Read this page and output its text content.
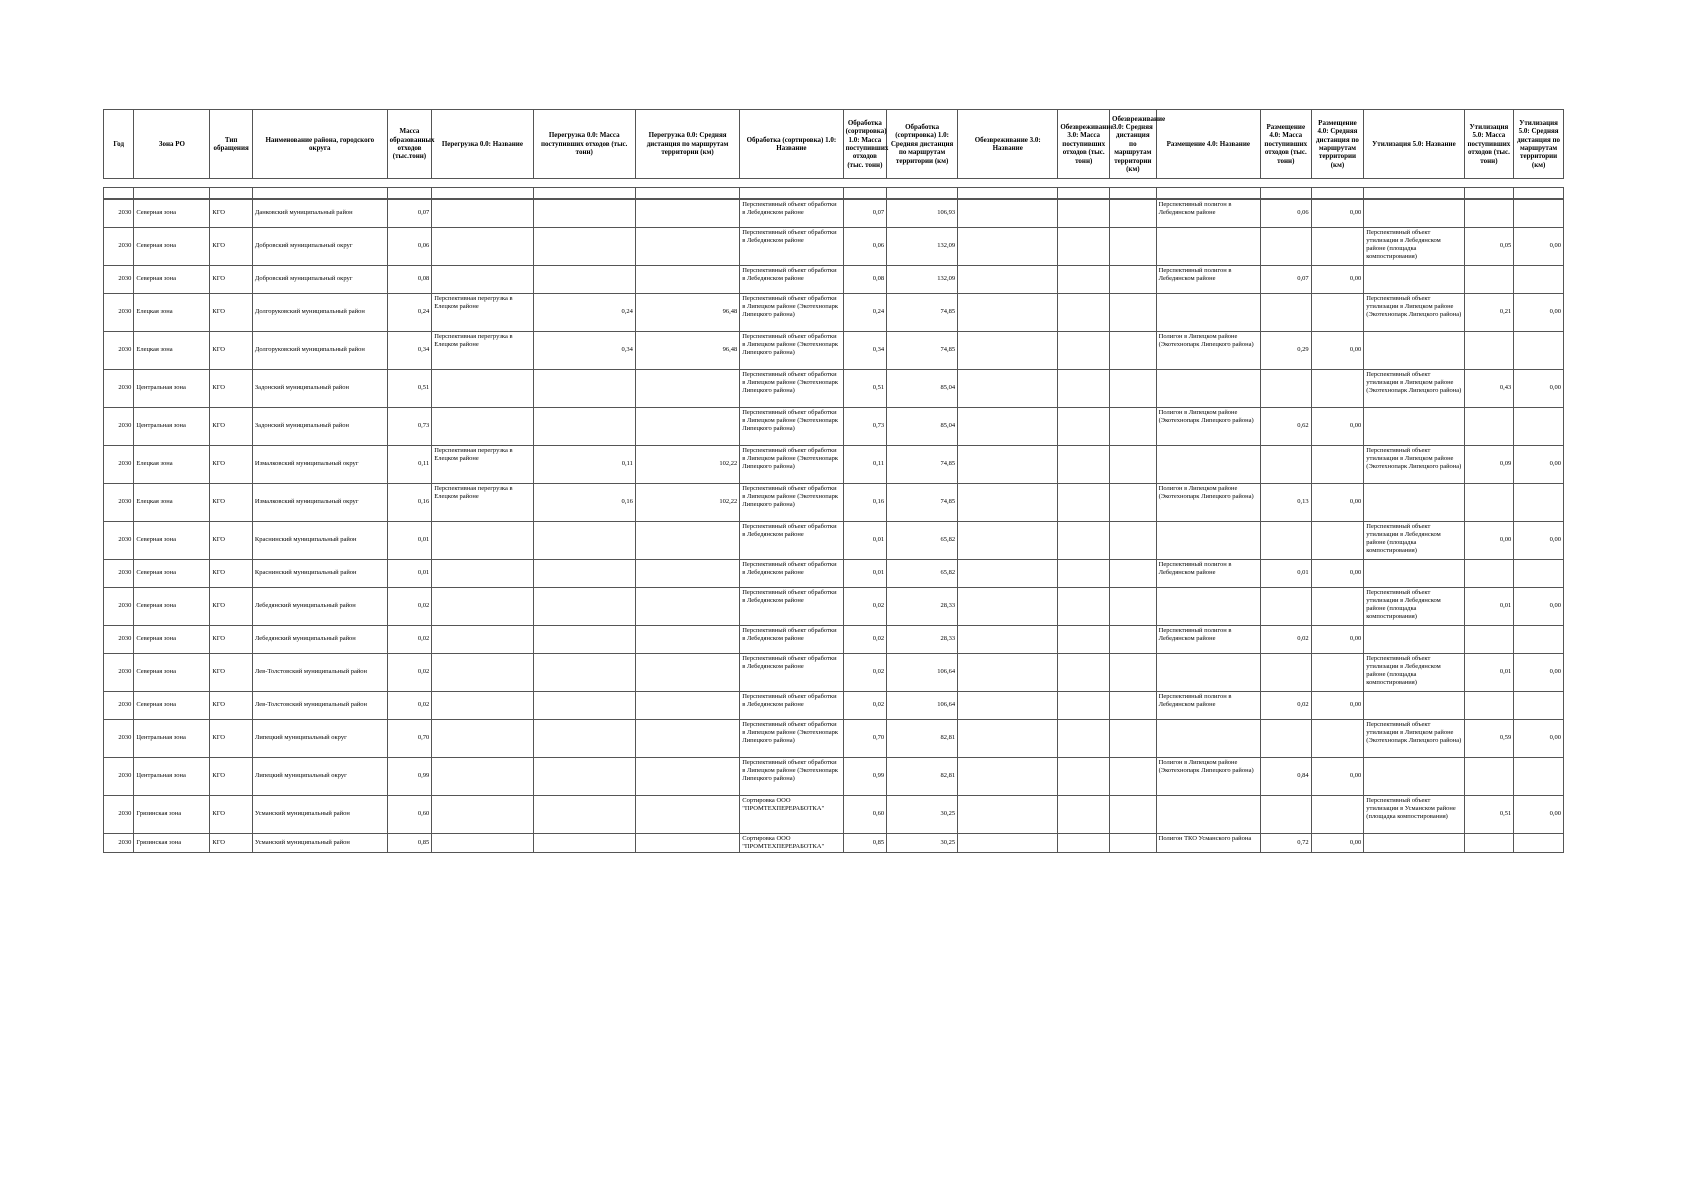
Год	Зона РО	Тип обращения	Наименование района, городского округа	Масса образованных отходов (тыс.тонн)	Перегрузка 0.0: Название	Перегрузка 0.0: Масса поступивших отходов (тыс. тонн)	Перегрузка 0.0: Средняя дистанция по маршрутам территории (км)	Обработка (сортировка) 1.0: Название	Обработка (сортировка) 1.0: Масса поступивших отходов (тыс. тонн)	Обработка (сортировка) 1.0: Средняя дистанция по маршрутам территории (км)	Обезвреживание 3.0: Название	Обезвреживание 3.0: Масса поступивших отходов (тыс. тонн)	Обезвреживание 3.0: Средняя дистанция по маршрутам территории (км)	Размещение 4.0: Название	Размещение 4.0: Масса поступивших отходов (тыс. тонн)	Размещение 4.0: Средняя дистанция по маршрутам территории (км)	Утилизация 5.0: Название	Утилизация 5.0: Масса поступивших отходов (тыс. тонн)	Утилизация 5.0: Средняя дистанция по маршрутам территории (км)

2030	Северная зона	КГО	Данковский муниципальный район	0,07				Перспективный объект обработки в Лебедянском районе	0,07	106,93				Перспективный полигон в Лебедянском районе	0,06	0,00			
2030	Северная зона	КГО	Добровский муниципальный округ	0,06				Перспективный объект обработки в Лебедянском районе	0,06	132,09							Перспективный объект утилизации в Лебедянском районе (площадка компостирования)	0,05	0,00
2030	Северная зона	КГО	Добровский муниципальный округ	0,08				Перспективный объект обработки в Лебедянском районе	0,08	132,09				Перспективный полигон в Лебедянском районе	0,07	0,00			
2030	Елецкая зона	КГО	Долгоруковский муниципальный район	0,24	Перспективная перегрузка в Елецком районе	0,24	96,48	Перспективный объект обработки в Липецком районе (Экотехнопарк Липецкого района)	0,24	74,85							Перспективный объект утилизации в Липецком районе (Экотехнопарк Липецкого района)	0,21	0,00
2030	Елецкая зона	КГО	Долгоруковский муниципальный район	0,34	Перспективная перегрузка в Елецком районе	0,34	96,48	Перспективный объект обработки в Липецком районе (Экотехнопарк Липецкого района)	0,34	74,85				Полигон в Липецком районе (Экотехнопарк Липецкого района)	0,29	0,00			
2030	Центральная зона	КГО	Задонский муниципальный район	0,51				Перспективный объект обработки в Липецком районе (Экотехнопарк Липецкого района)	0,51	85,04							Перспективный объект утилизации в Липецком районе (Экотехнопарк Липецкого района)	0,43	0,00
2030	Центральная зона	КГО	Задонский муниципальный район	0,73				Перспективный объект обработки в Липецком районе (Экотехнопарк Липецкого района)	0,73	85,04				Полигон в Липецком районе (Экотехнопарк Липецкого района)	0,62	0,00			
2030	Елецкая зона	КГО	Измалковский муниципальный округ	0,11	Перспективная перегрузка в Елецком районе	0,11	102,22	Перспективный объект обработки в Липецком районе (Экотехнопарк Липецкого района)	0,11	74,85							Перспективный объект утилизации в Липецком районе (Экотехнопарк Липецкого района)	0,09	0,00
2030	Елецкая зона	КГО	Измалковский муниципальный округ	0,16	Перспективная перегрузка в Елецком районе	0,16	102,22	Перспективный объект обработки в Липецком районе (Экотехнопарк Липецкого района)	0,16	74,85				Полигон в Липецком районе (Экотехнопарк Липецкого района)	0,13	0,00			
2030	Северная зона	КГО	Краснинский муниципальный район	0,01				Перспективный объект обработки в Лебедянском районе	0,01	65,82							Перспективный объект утилизации в Лебедянском районе (площадка компостирования)	0,00	0,00
2030	Северная зона	КГО	Краснинский муниципальный район	0,01				Перспективный объект обработки в Лебедянском районе	0,01	65,82				Перспективный полигон в Лебедянском районе	0,01	0,00			
2030	Северная зона	КГО	Лебедянский муниципальный район	0,02				Перспективный объект обработки в Лебедянском районе	0,02	28,33							Перспективный объект утилизации в Лебедянском районе (площадка компостирования)	0,01	0,00
2030	Северная зона	КГО	Лебедянский муниципальный район	0,02				Перспективный объект обработки в Лебедянском районе	0,02	28,33				Перспективный полигон в Лебедянском районе	0,02	0,00			
2030	Северная зона	КГО	Лев-Толстовский муниципальный район	0,02				Перспективный объект обработки в Лебедянском районе	0,02	106,64							Перспективный объект утилизации в Лебедянском районе (площадка компостирования)	0,01	0,00
2030	Северная зона	КГО	Лев-Толстовский муниципальный район	0,02				Перспективный объект обработки в Лебедянском районе	0,02	106,64				Перспективный полигон в Лебедянском районе	0,02	0,00			
2030	Центральная зона	КГО	Липецкий муниципальный округ	0,70				Перспективный объект обработки в Липецком районе (Экотехнопарк Липецкого района)	0,70	82,81							Перспективный объект утилизации в Липецком районе (Экотехнопарк Липецкого района)	0,59	0,00
2030	Центральная зона	КГО	Липецкий муниципальный округ	0,99				Перспективный объект обработки в Липецком районе (Экотехнопарк Липецкого района)	0,99	82,81				Полигон в Липецком районе (Экотехнопарк Липецкого района)	0,84	0,00			
2030	Грязинская зона	КГО	Усманский муниципальный район	0,60				Сортировка ООО "ПРОМТЕХПЕРЕРАБОТКА"	0,60	30,25							Перспективный объект утилизации в Усманском районе (площадка компостирования)	0,51	0,00
2030	Грязинская зона	КГО	Усманский муниципальный район	0,85				Сортировка ООО "ПРОМТЕХПЕРЕРАБОТКА"	0,85	30,25				Полигон ТКО Усманского района	0,72	0,00			
